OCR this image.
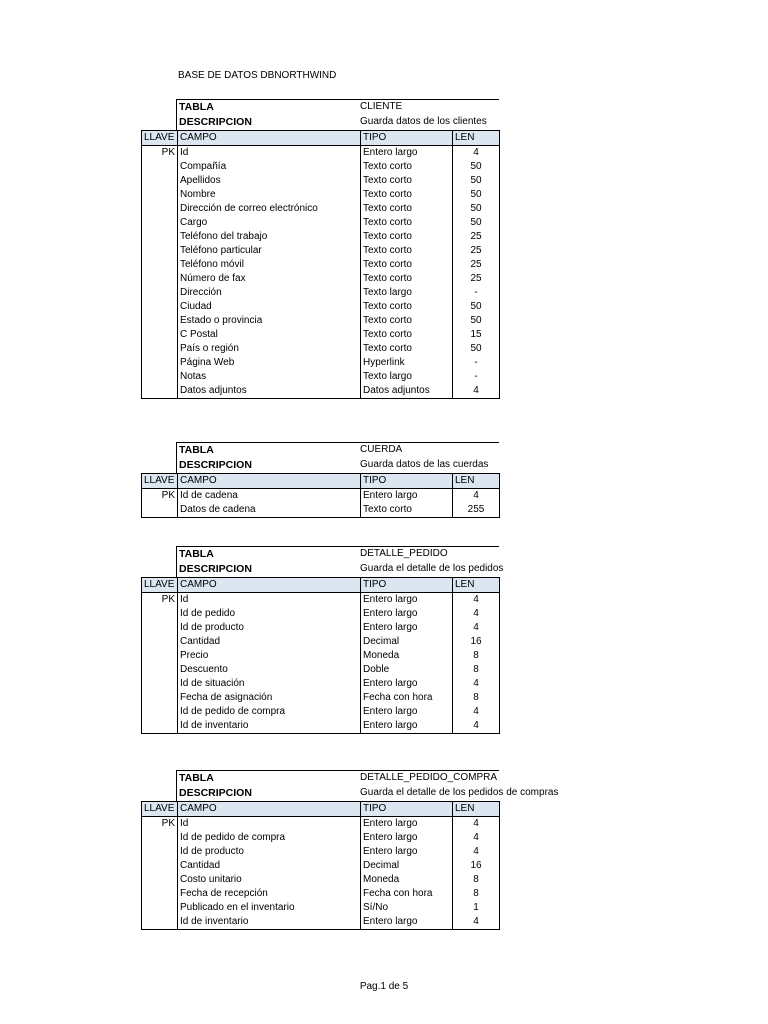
BASE DE DATOS DBNORTHWIND
TABLA	CLIENTE
DESCRIPCION	Guarda datos de los clientes
LLAVE	CAMPO	TIPO	LEN
PK	Id	Entero largo	4
	Compañía	Texto corto	50
	Apellidos	Texto corto	50
	Nombre	Texto corto	50
	Dirección de correo electrónico	Texto corto	50
	Cargo	Texto corto	50
	Teléfono del trabajo	Texto corto	25
	Teléfono particular	Texto corto	25
	Teléfono móvil	Texto corto	25
	Número de fax	Texto corto	25
	Dirección	Texto largo	-
	Ciudad	Texto corto	50
	Estado o provincia	Texto corto	50
	C Postal	Texto corto	15
	País o región	Texto corto	50
	Página Web	Hyperlink	-
	Notas	Texto largo	-
	Datos adjuntos	Datos adjuntos	4
TABLA	CUERDA
DESCRIPCION	Guarda datos de las cuerdas
LLAVE	CAMPO	TIPO	LEN
PK	Id de cadena	Entero largo	4
	Datos de cadena	Texto corto	255
TABLA	DETALLE_PEDIDO
DESCRIPCION	Guarda el detalle de los pedidos
LLAVE	CAMPO	TIPO	LEN
PK	Id	Entero largo	4
	Id de pedido	Entero largo	4
	Id de producto	Entero largo	4
	Cantidad	Decimal	16
	Precio	Moneda	8
	Descuento	Doble	8
	Id de situación	Entero largo	4
	Fecha de asignación	Fecha con hora	8
	Id de pedido de compra	Entero largo	4
	Id de inventario	Entero largo	4
TABLA	DETALLE_PEDIDO_COMPRA
DESCRIPCION	Guarda el detalle de los pedidos de compras
LLAVE	CAMPO	TIPO	LEN
PK	Id	Entero largo	4
	Id de pedido de compra	Entero largo	4
	Id de producto	Entero largo	4
	Cantidad	Decimal	16
	Costo unitario	Moneda	8
	Fecha de recepción	Fecha con hora	8
	Publicado en el inventario	Sí/No	1
	Id de inventario	Entero largo	4
Pag.1 de 5
